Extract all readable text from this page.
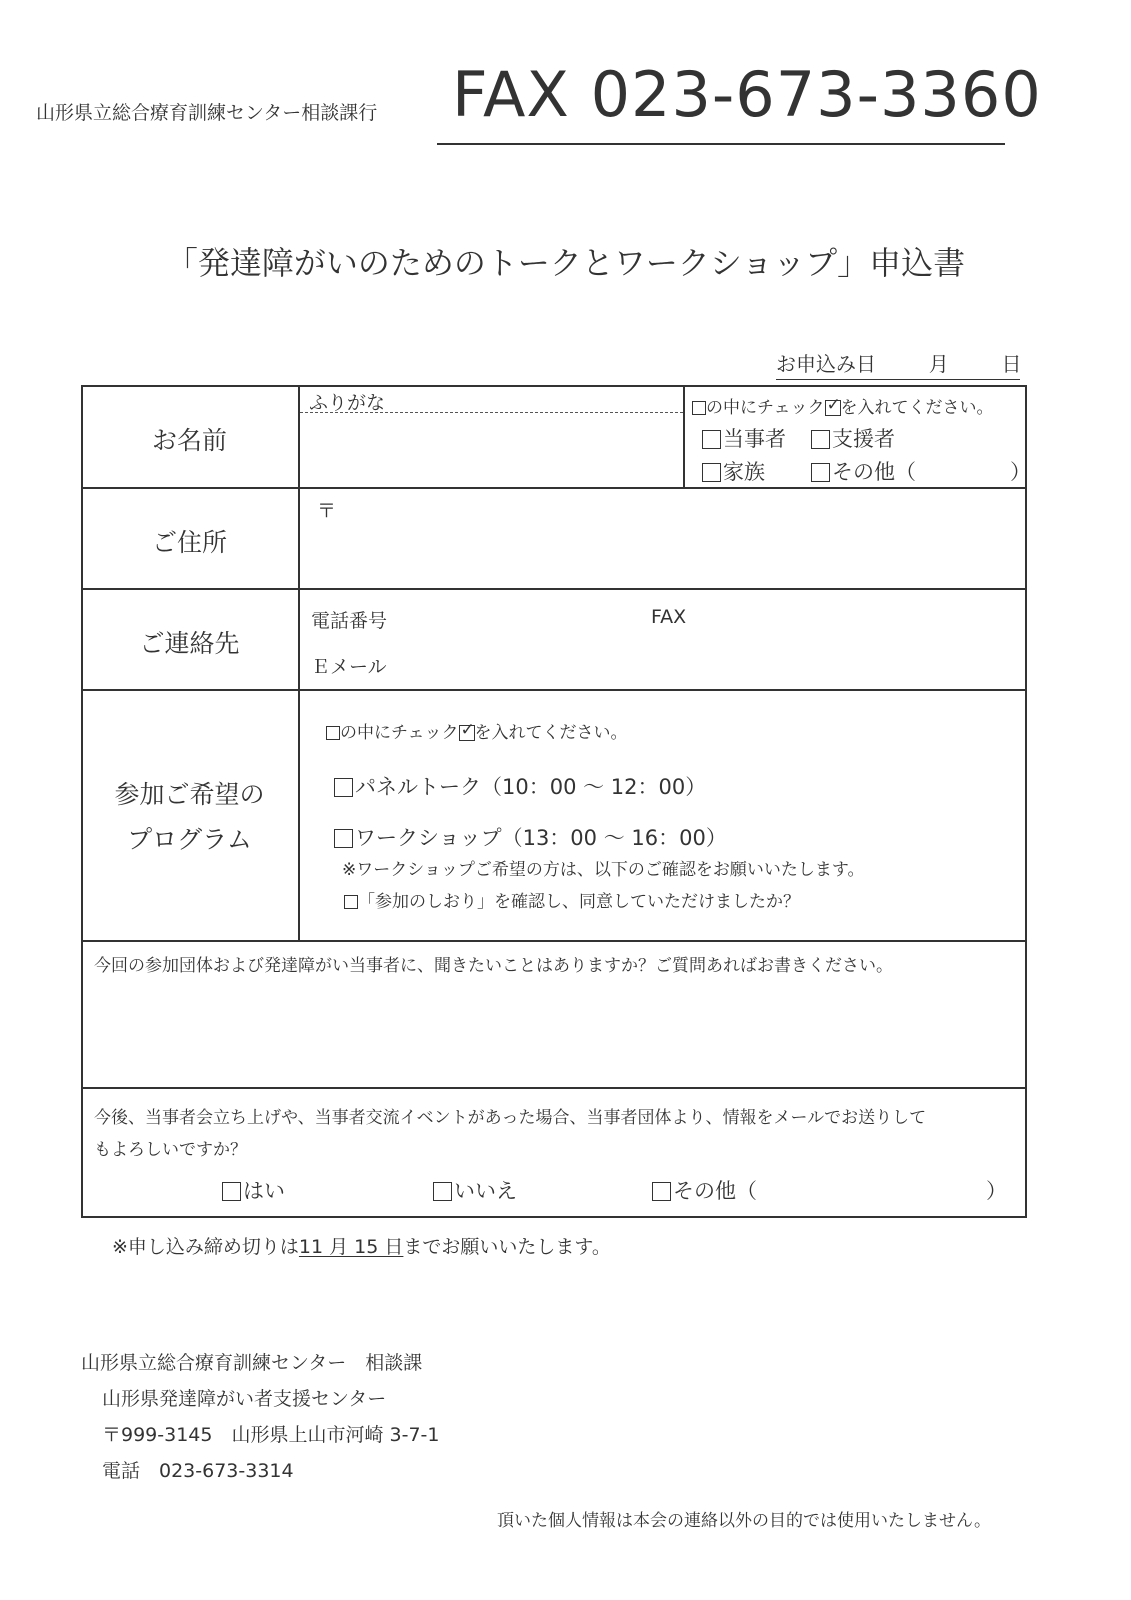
山形県立総合療育訓練センター相談課行 FAX 023-673-3360
「発達障がいのためのトークとワークショップ」申込書
お申込み日	月	日
お名前
ふりがな	の中にチェック ✓ を入れてください。
当事者	支援者
家族	その他（	）
ご住所
〒
ご連絡先
電話番号	FAX
Ｅメール
参加ご希望の
プログラム
の中にチェック ✓ を入れてください。
パネルトーク（10：00 〜 12：00）
ワークショップ（13：00 〜 16：00）
※ワークショップご希望の方は、以下のご確認をお願いいたします。
「参加のしおり」を確認し、同意していただけましたか？
今回の参加団体および発達障がい当事者に、聞きたいことはありますか？ご質問あればお書きください。
今後、当事者会立ち上げや、当事者交流イベントがあった場合、当事者団体より、情報をメールでお送りして
もよろしいですか？
はい	いいえ	その他（	）
※申し込み締め切りは11 月 15 日までお願いいたします。
山形県立総合療育訓練センター　相談課
山形県発達障がい者支援センター
〒999-3145　山形県上山市河崎 3-7-1
電話　023-673-3314
頂いた個人情報は本会の連絡以外の目的では使用いたしません。
